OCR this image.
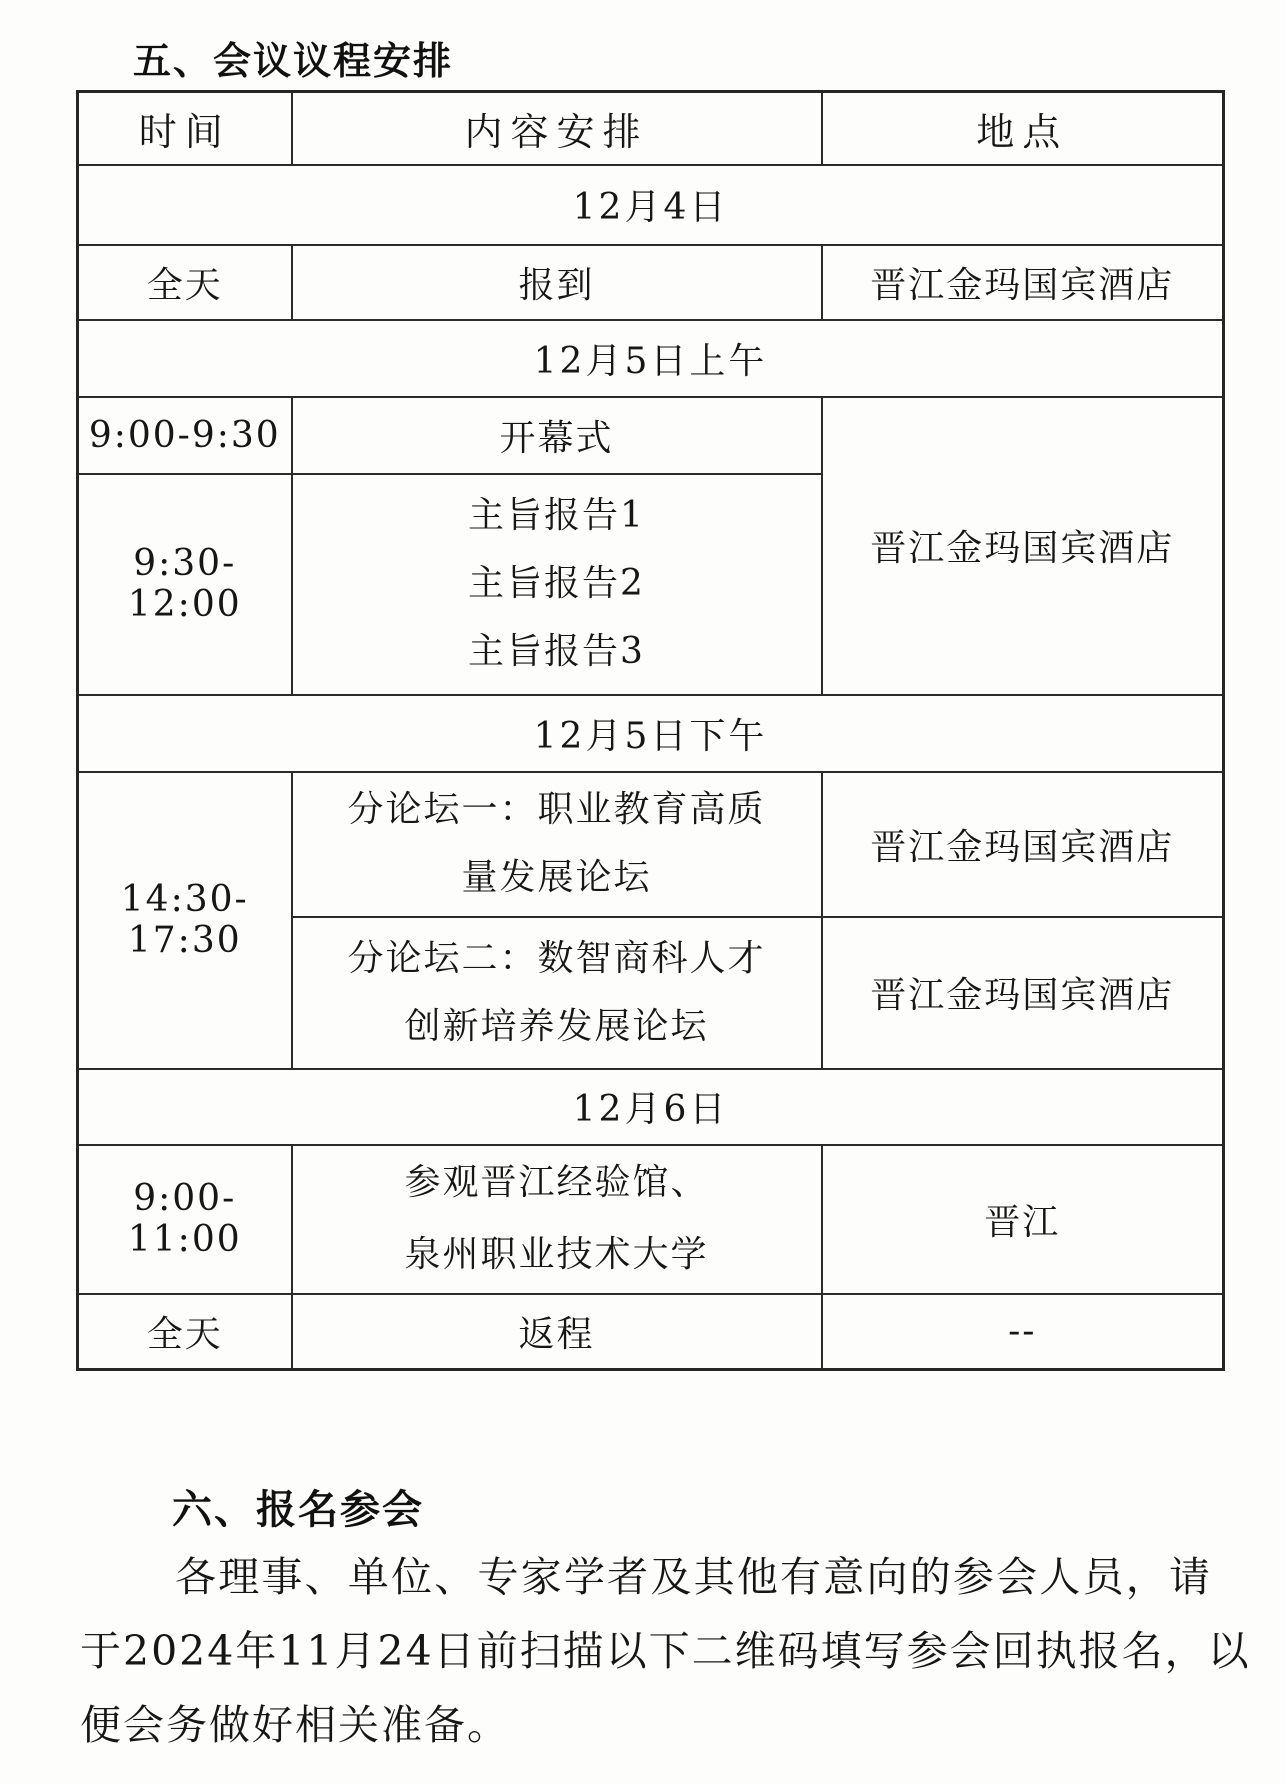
五、会议议程安排
时间	内容安排	地点
12月4日		
全天	报到	晋江金玛国宾酒店
12月5日上午		
9:00-9:30	开幕式	晋江金玛国宾酒店
9:30-12:00	主旨报告1
主旨报告2
主旨报告3	

12月5日下午		
14:30-17:30	分论坛一：职业教育高质
量发展论坛	晋江金玛国宾酒店

	分论坛二：数智商科人才
创新培养发展论坛	晋江金玛国宾酒店
12月6日		
9:00-11:00	参观晋江经验馆、
泉州职业技术大学	晋江
全天	返程	--
六、报名参会
各理事、单位、专家学者及其他有意向的参会人员，请
于2024年11月24日前扫描以下二维码填写参会回执报名，以
便会务做好相关准备。
